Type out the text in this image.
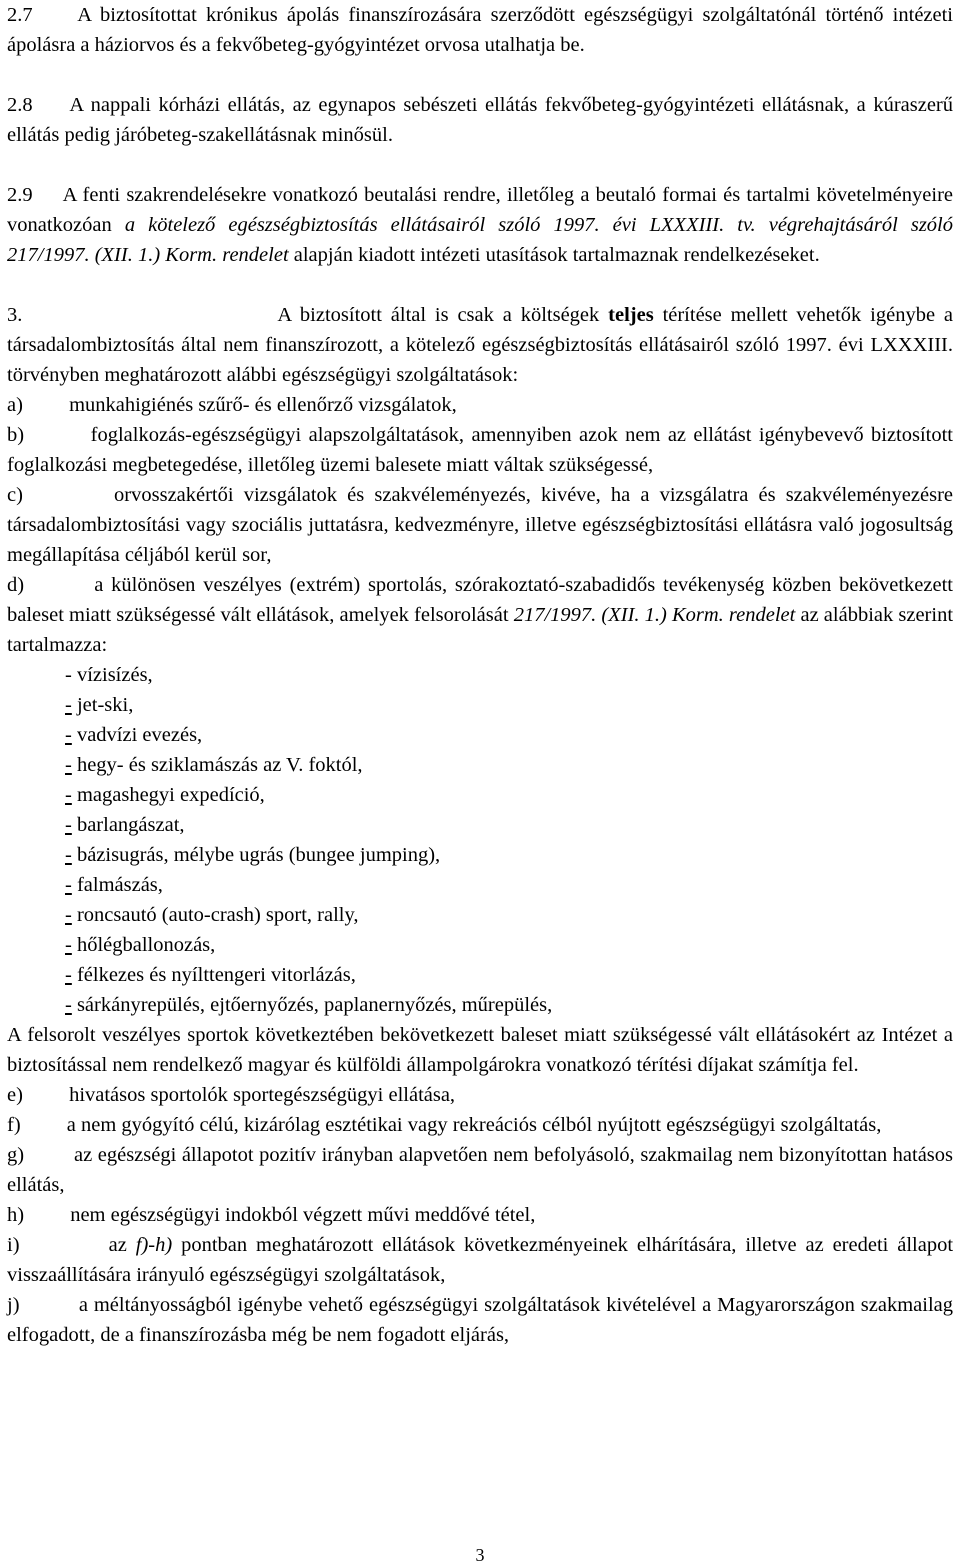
2.7 A biztosítottat krónikus ápolás finanszírozására szerződött egészségügyi szolgáltatónál történő intézeti ápolásra a háziorvos és a fekvőbeteg-gyógyintézet orvosa utalhatja be.

2.8 A nappali kórházi ellátás, az egynapos sebészeti ellátás fekvőbeteg-gyógyintézeti ellátásnak, a kúraszerű ellátás pedig járóbeteg-szakellátásnak minősül.

2.9 A fenti szakrendelésekre vonatkozó beutalási rendre, illetőleg a beutaló formai és tartalmi követelményeire vonatkozóan a kötelező egészségbiztosítás ellátásairól szóló 1997. évi LXXXIII. tv. végrehajtásáról szóló 217/1997. (XII. 1.) Korm. rendelet alapján kiadott intézeti utasítások tartalmaznak rendelkezéseket.

3.	A biztosított által is csak a költségek teljes térítése mellett vehetők igénybe a társadalombiztosítás által nem finanszírozott, a kötelező egészségbiztosítás ellátásairól szóló 1997. évi LXXXIII. törvényben meghatározott alábbi egészségügyi szolgáltatások:

a) munkahigiénés szűrő- és ellenőrző vizsgálatok,

b)	foglalkozás-egészségügyi alapszolgáltatások, amennyiben azok nem az ellátást igénybevevő biztosított foglalkozási megbetegedése, illetőleg üzemi balesete miatt váltak szükségessé,

c)	orvosszakértői vizsgálatok és szakvéleményezés, kivéve, ha a vizsgálatra és szakvéleményezésre társadalombiztosítási vagy szociális juttatásra, kedvezményre, illetve egészségbiztosítási ellátásra való jogosultság megállapítása céljából kerül sor,

d)	a különösen veszélyes (extrém) sportolás, szórakoztató-szabadidős tevékenység közben bekövetkezett baleset miatt szükségessé vált ellátások, amelyek felsorolását 217/1997. (XII. 1.) Korm. rendelet az alábbiak szerint tartalmazza:

- vízisízés,

- jet-ski,

- vadvízi evezés,

- hegy- és sziklamászás az V. foktól,

- magashegyi expedíció,

- barlangászat,

- bázisugrás, mélybe ugrás (bungee jumping),

- falmászás,

- roncsautó (auto-crash) sport, rally,

- hőlégballonozás,

- félkezes és nyílttengeri vitorlázás,

- sárkányrepülés, ejtőernyőzés, paplanernyőzés, műrepülés,

A felsorolt veszélyes sportok következtében bekövetkezett baleset miatt szükségessé vált ellátásokért az Intézet a biztosítással nem rendelkező magyar és külföldi állampolgárokra vonatkozó térítési díjakat számítja fel.

e) hivatásos sportolók sportegészségügyi ellátása,

f) a nem gyógyító célú, kizárólag esztétikai vagy rekreációs célból nyújtott egészségügyi szolgáltatás,

g) az egészségi állapotot pozitív irányban alapvetően nem befolyásoló, szakmailag nem bizonyítottan hatásos ellátás,

h) nem egészségügyi indokból végzett művi meddővé tétel,

i)	az f)-h) pontban meghatározott ellátások következményeinek elhárítására, illetve az eredeti állapot visszaállítására irányuló egészségügyi szolgáltatások,

j)	a méltányosságból igénybe vehető egészségügyi szolgáltatások kivételével a Magyarországon szakmailag elfogadott, de a finanszírozásba még be nem fogadott eljárás,

3
